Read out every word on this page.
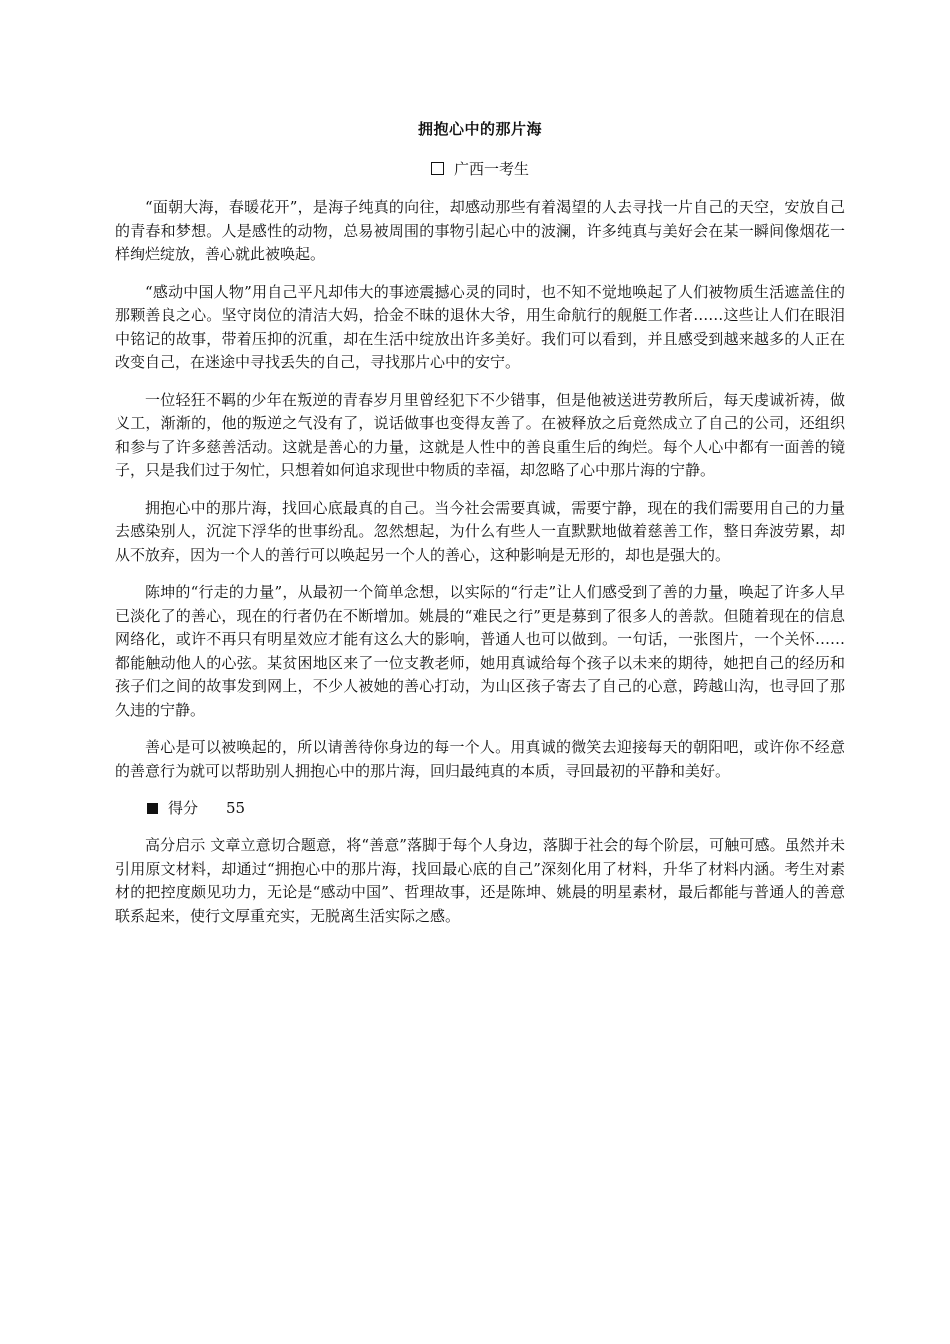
拥抱心中的那片海
广西一考生

“面朝大海，春暖花开”，是海子纯真的向往，却感动那些有着渴望的人去寻找一片自己的天空，安放自己的青春和梦想。人是感性的动物，总易被周围的事物引起心中的波澜，许多纯真与美好会在某一瞬间像烟花一样绚烂绽放，善心就此被唤起。

“感动中国人物”用自己平凡却伟大的事迹震撼心灵的同时，也不知不觉地唤起了人们被物质生活遮盖住的那颗善良之心。坚守岗位的清洁大妈，拾金不昧的退休大爷，用生命航行的舰艇工作者……这些让人们在眼泪中铭记的故事，带着压抑的沉重，却在生活中绽放出许多美好。我们可以看到，并且感受到越来越多的人正在改变自己，在迷途中寻找丢失的自己，寻找那片心中的安宁。

一位轻狂不羁的少年在叛逆的青春岁月里曾经犯下不少错事，但是他被送进劳教所后，每天虔诚祈祷，做义工，渐渐的，他的叛逆之气没有了，说话做事也变得友善了。在被释放之后竟然成立了自己的公司，还组织和参与了许多慈善活动。这就是善心的力量，这就是人性中的善良重生后的绚烂。每个人心中都有一面善的镜子，只是我们过于匆忙，只想着如何追求现世中物质的幸福，却忽略了心中那片海的宁静。

拥抱心中的那片海，找回心底最真的自己。当今社会需要真诚，需要宁静，现在的我们需要用自己的力量去感染别人，沉淀下浮华的世事纷乱。忽然想起，为什么有些人一直默默地做着慈善工作，整日奔波劳累，却从不放弃，因为一个人的善行可以唤起另一个人的善心，这种影响是无形的，却也是强大的。

陈坤的“行走的力量”，从最初一个简单念想，以实际的“行走”让人们感受到了善的力量，唤起了许多人早已淡化了的善心，现在的行者仍在不断增加。姚晨的“难民之行”更是募到了很多人的善款。但随着现在的信息网络化，或许不再只有明星效应才能有这么大的影响，普通人也可以做到。一句话，一张图片，一个关怀……都能触动他人的心弦。某贫困地区来了一位支教老师，她用真诚给每个孩子以未来的期待，她把自己的经历和孩子们之间的故事发到网上，不少人被她的善心打动，为山区孩子寄去了自己的心意，跨越山沟，也寻回了那久违的宁静。

善心是可以被唤起的，所以请善待你身边的每一个人。用真诚的微笑去迎接每天的朝阳吧，或许你不经意的善意行为就可以帮助别人拥抱心中的那片海，回归最纯真的本质，寻回最初的平静和美好。

得分 55

高分启示 文章立意切合题意，将“善意”落脚于每个人身边，落脚于社会的每个阶层，可触可感。虽然并未引用原文材料，却通过“拥抱心中的那片海，找回最心底的自己”深刻化用了材料，升华了材料内涵。考生对素材的把控度颇见功力，无论是“感动中国”、哲理故事，还是陈坤、姚晨的明星素材，最后都能与普通人的善意联系起来，使行文厚重充实，无脱离生活实际之感。
